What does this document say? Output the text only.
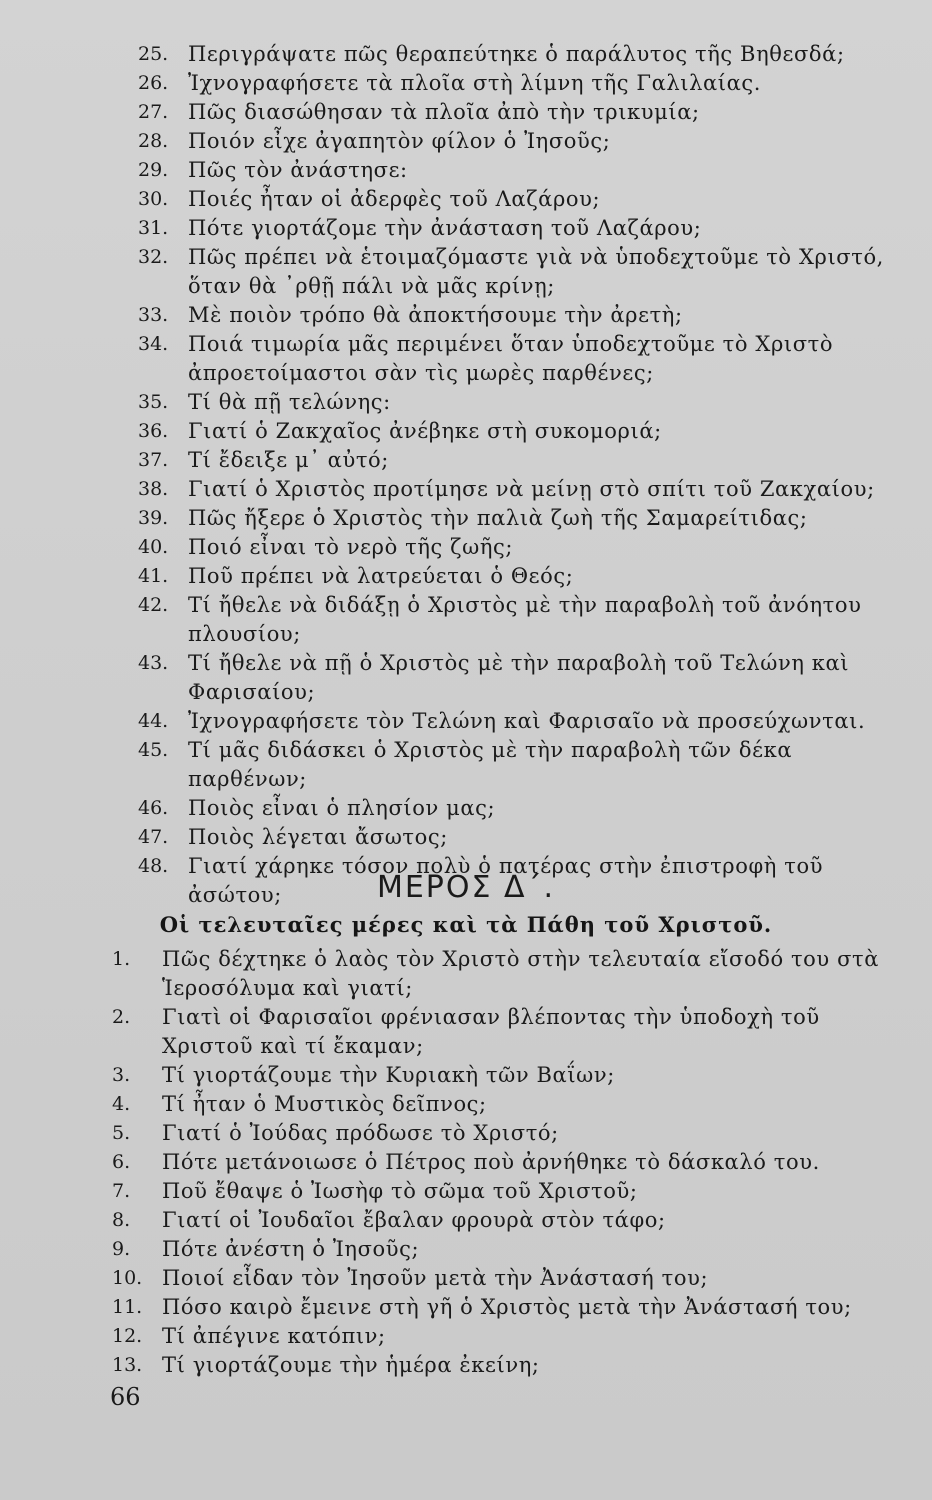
25. Περιγράψατε πῶς θεραπεύτηκε ὁ παράλυτος τῆς Βηθεσδά;
26. Ἰχνογραφήσετε τὰ πλοῖα στὴ λίμνη τῆς Γαλιλαίας.
27. Πῶς διασώθησαν τὰ πλοῖα ἀπὸ τὴν τρικυμία;
28. Ποιόν εἶχε ἀγαπητὸν φίλον ὁ Ἰησοῦς;
29. Πῶς τὸν ἀνάστησε:
30. Ποιές ἦταν οἱ ἀδερφὲς τοῦ Λαζάρου;
31. Πότε γιορτάζομε τὴν ἀνάσταση τοῦ Λαζάρου;
32. Πῶς πρέπει νὰ ἑτοιμαζόμαστε γιὰ νὰ ὑποδεχτοῦμε τὸ Χριστό, ὅταν θὰ ᾽ρθῇ πάλι νὰ μᾶς κρίνῃ;
33. Μὲ ποιὸν τρόπο θὰ ἀποκτήσουμε τὴν ἀρετὴ;
34. Ποιά τιμωρία μᾶς περιμένει ὅταν ὑποδεχτοῦμε τὸ Χριστὸ ἀπροετοίμαστοι σὰν τὶς μωρὲς παρθένες;
35. Τί θὰ πῇ τελώνης:
36. Γιατί ὁ Ζακχαῖος ἀνέβηκε στὴ συκομοριά;
37. Τί ἔδειξε μ᾽ αὐτό;
38. Γιατί ὁ Χριστὸς προτίμησε νὰ μείνῃ στὸ σπίτι τοῦ Ζακχαίου;
39. Πῶς ἤξερε ὁ Χριστὸς τὴν παλιὰ ζωὴ τῆς Σαμαρείτιδας;
40. Ποιό εἶναι τὸ νερὸ τῆς ζωῆς;
41. Ποῦ πρέπει νὰ λατρεύεται ὁ Θεός;
42. Τί ἤθελε νὰ διδάξῃ ὁ Χριστὸς μὲ τὴν παραβολὴ τοῦ ἀνόητου πλουσίου;
43. Τί ἤθελε νὰ πῇ ὁ Χριστὸς μὲ τὴν παραβολὴ τοῦ Τελώνη καὶ Φαρισαίου;
44. Ἰχνογραφήσετε τὸν Τελώνη καὶ Φαρισαῖο νὰ προσεύχωνται.
45. Τί μᾶς διδάσκει ὁ Χριστὸς μὲ τὴν παραβολὴ τῶν δέκα παρθένων;
46. Ποιὸς εἶναι ὁ πλησίον μας;
47. Ποιὸς λέγεται ἄσωτος;
48. Γιατί χάρηκε τόσον πολὺ ὁ πατέρας στὴν ἐπιστροφὴ τοῦ ἀσώτου;	ΜΕΡΟΣ Δ΄.
Οἱ τελευταῖες μέρες καὶ τὰ Πάθη τοῦ Χριστοῦ.
1. Πῶς δέχτηκε ὁ λαὸς τὸν Χριστὸ στὴν τελευταία εἴσοδό του στὰ Ἱεροσόλυμα καὶ γιατί;
2. Γιατὶ οἱ Φαρισαῖοι φρένιασαν βλέποντας τὴν ὑποδοχὴ τοῦ Χριστοῦ καὶ τί ἔκαμαν;
3. Τί γιορτάζουμε τὴν Κυριακὴ τῶν Βαΐων;
4. Τί ἦταν ὁ Μυστικὸς δεῖπνος;
5. Γιατί ὁ Ἰούδας πρόδωσε τὸ Χριστό;
6. Πότε μετάνοιωσε ὁ Πέτρος ποὺ ἀρνήθηκε τὸ δάσκαλό του.
7. Ποῦ ἔθαψε ὁ Ἰωσὴφ τὸ σῶμα τοῦ Χριστοῦ;
8. Γιατί οἱ Ἰουδαῖοι ἔβαλαν φρουρὰ στὸν τάφο;
9. Πότε ἀνέστη ὁ Ἰησοῦς;
10. Ποιοί εἶδαν τὸν Ἰησοῦν μετὰ τὴν Ἀνάστασή του;
11. Πόσο καιρὸ ἔμεινε στὴ γῆ ὁ Χριστὸς μετὰ τὴν Ἀνάστασή του;
12. Τί ἀπέγινε κατόπιν;
13. Τί γιορτάζουμε τὴν ἡμέρα ἐκείνη;
66
